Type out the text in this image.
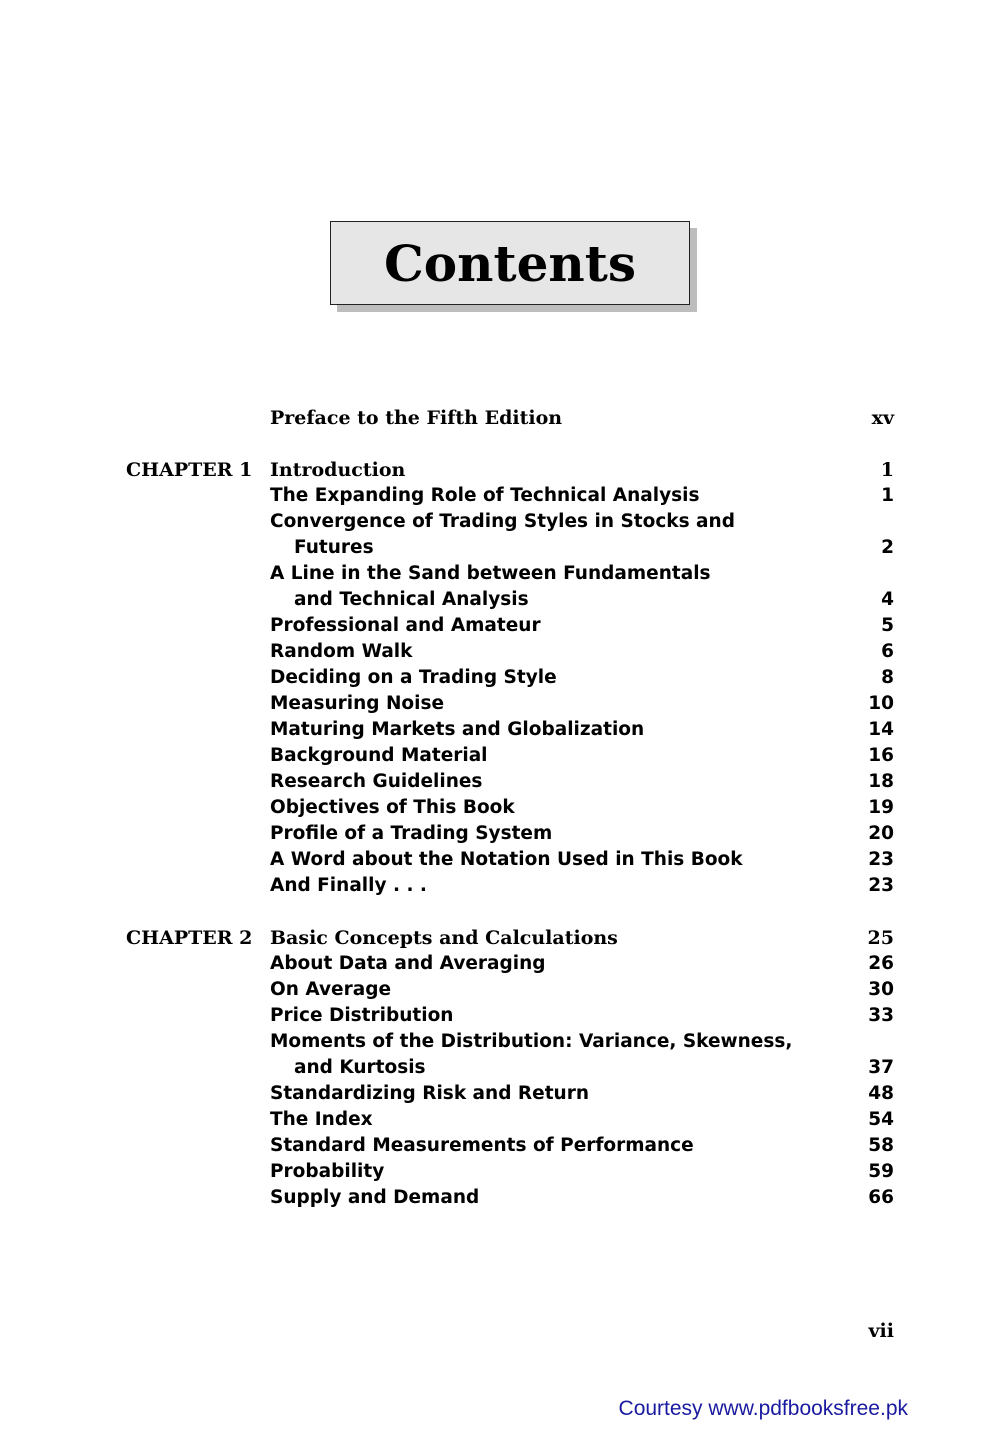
Contents
Preface to the Fifth Edition	xv
CHAPTER 1 Introduction	1
The Expanding Role of Technical Analysis	1
Convergence of Trading Styles in Stocks and
Futures	2
A Line in the Sand between Fundamentals
and Technical Analysis	4
Professional and Amateur	5
Random Walk	6
Deciding on a Trading Style	8
Measuring Noise	10
Maturing Markets and Globalization	14
Background Material	16
Research Guidelines	18
Objectives of This Book	19
Profile of a Trading System	20
A Word about the Notation Used in This Book	23
And Finally . . .	23
CHAPTER 2 Basic Concepts and Calculations	25
About Data and Averaging	26
On Average	30
Price Distribution	33
Moments of the Distribution: Variance, Skewness,
and Kurtosis	37
Standardizing Risk and Return	48
The Index	54
Standard Measurements of Performance	58
Probability	59
Supply and Demand	66
vii
Courtesy www.pdfbooksfree.pk
